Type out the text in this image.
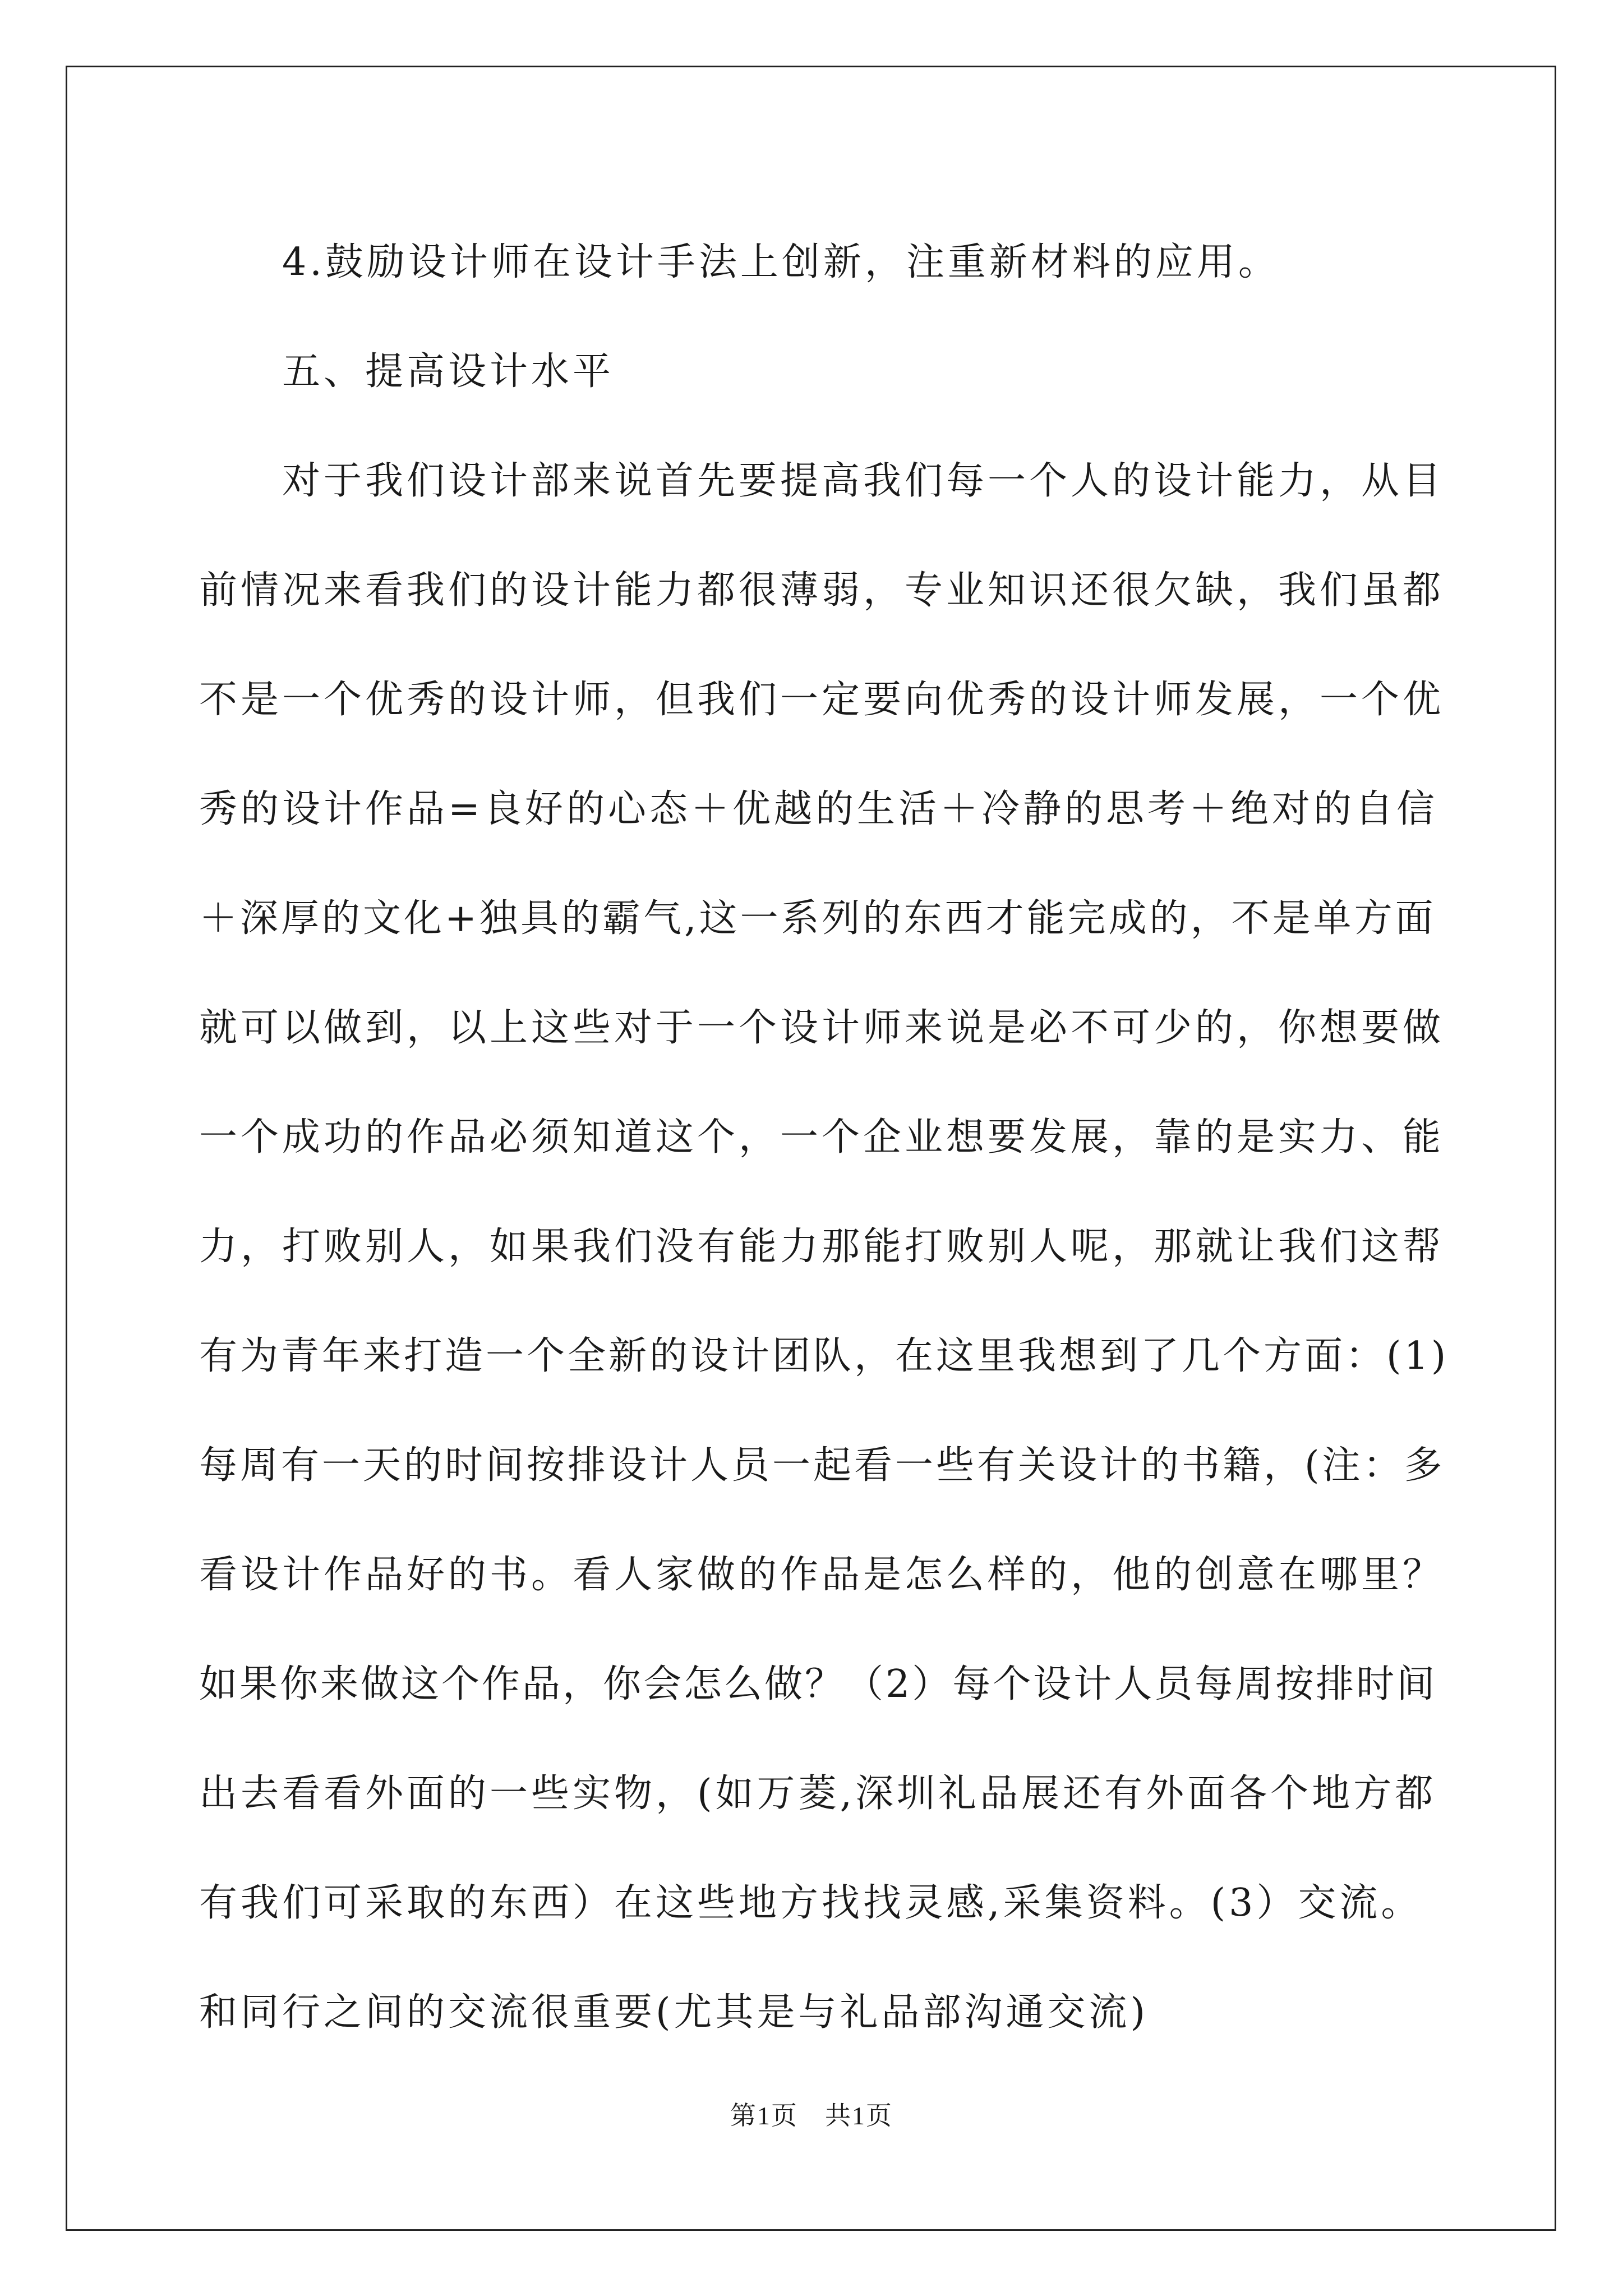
　　4.鼓励设计师在设计手法上创新，注重新材料的应用。
　　五、提高设计水平
　　对于我们设计部来说首先要提高我们每一个人的设计能力，从目
前情况来看我们的设计能力都很薄弱，专业知识还很欠缺，我们虽都
不是一个优秀的设计师，但我们一定要向优秀的设计师发展，一个优
秀的设计作品=良好的心态＋优越的生活＋冷静的思考＋绝对的自信
＋深厚的文化+独具的霸气,这一系列的东西才能完成的，不是单方面
就可以做到，以上这些对于一个设计师来说是必不可少的，你想要做
一个成功的作品必须知道这个，一个企业想要发展，靠的是实力、能
力，打败别人，如果我们没有能力那能打败别人呢，那就让我们这帮
有为青年来打造一个全新的设计团队，在这里我想到了几个方面：(1)
每周有一天的时间按排设计人员一起看一些有关设计的书籍，(注：多
看设计作品好的书。看人家做的作品是怎么样的，他的创意在哪里？
如果你来做这个作品，你会怎么做？（2）每个设计人员每周按排时间
出去看看外面的一些实物，(如万菱,深圳礼品展还有外面各个地方都
有我们可采取的东西）在这些地方找找灵感,采集资料。(3）交流。
和同行之间的交流很重要(尤其是与礼品部沟通交流)
第1页　共1页
